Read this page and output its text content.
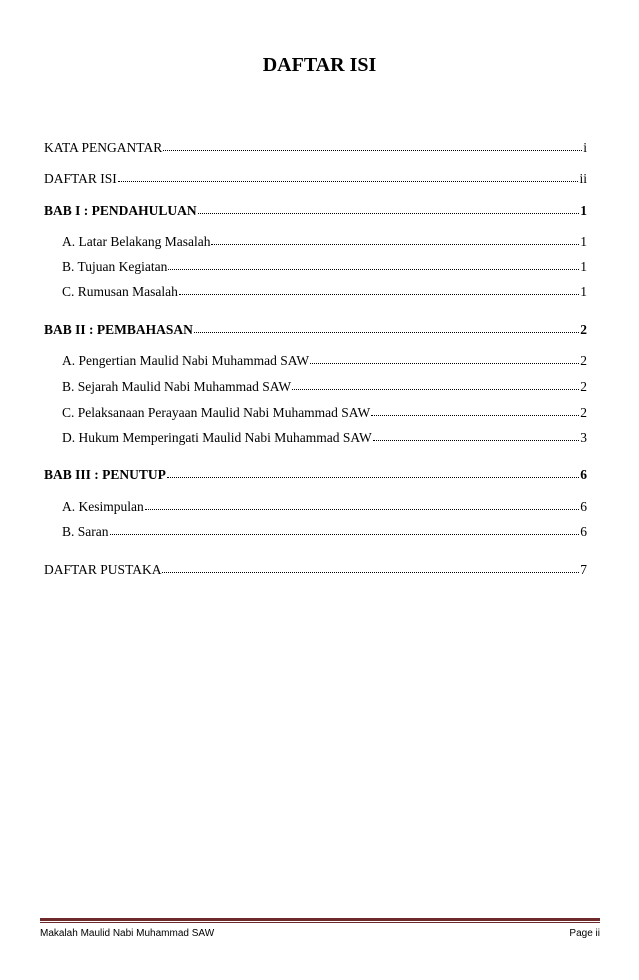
DAFTAR ISI
KATA PENGANTAR	i
DAFTAR ISI	ii
BAB I : PENDAHULUAN	1
A. Latar Belakang Masalah	1
B. Tujuan Kegiatan	1
C. Rumusan Masalah	1
BAB II : PEMBAHASAN	2
A. Pengertian Maulid Nabi Muhammad SAW	2
B. Sejarah Maulid Nabi Muhammad SAW	2
C. Pelaksanaan Perayaan Maulid Nabi Muhammad SAW	2
D. Hukum Memperingati Maulid Nabi Muhammad SAW	3
BAB III : PENUTUP	6
A. Kesimpulan	6
B. Saran	6
DAFTAR PUSTAKA	7
Makalah Maulid Nabi Muhammad SAW	Page ii
